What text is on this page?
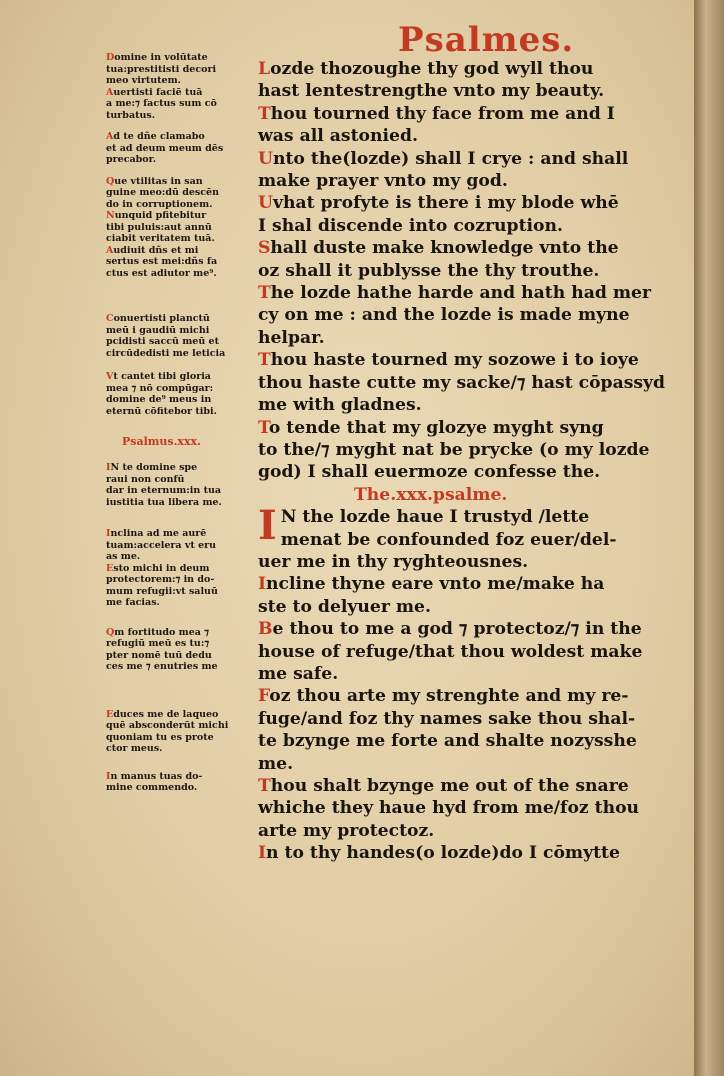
Psalmes.

Domine in volūtate

tua:prestitisti decori

meo virtutem.

Auertisti faciē tuā

a me:⁊ factus sum cō

turbatus.

Ad te dñe clamabo

et ad deum meum dēs

precabor.

Que vtilitas in san

guine meo:dū descēn

do in corruptionem.

Nunquid pfitebitur

tibi puluis:aut annū

ciabit veritatem tuā.

Audiuit dñs et mi

sertus est mei:dñs fa

ctus est adiutor me⁹.

Conuertisti planctū

meū i gaudiū michi

pcidisti saccū meū et

circūdedisti me leticia

Vt cantet tibi gloria

mea ⁊ nō compūgar:

domine de⁹ meus in

eternū cōfitebor tibi.

Psalmus.xxx.

IN te domine spe

raui non confū

dar in eternum:in tua

iustitia tua libera me.

Inclina ad me aurē

tuam:accelera vt eru

as me.

Esto michi in deum

protectorem:⁊ in do-

mum refugii:vt saluū

me facias.

Qm fortitudo mea ⁊

refugiū meū es tu:⁊

pter nomē tuū dedu

ces me ⁊ enutries me

Educes me de laqueo

quē absconderūt michi

quoniam tu es prote

ctor meus.

In manus tuas do-

mine commendo.

Lozde thozoughe thy god wyll thou

hast lentestrengthe vnto my beauty.

Thou tourned thy face from me and I

was all astonied.

Unto the(lozde) shall I crye : and shall

make prayer vnto my god.

Uvhat profyte is there i my blode whē

I shal discende into cozruption.

Shall duste make knowledge vnto the

oz shall it publysse the thy trouthe.

The lozde hathe harde and hath had mer

cy on me : and the lozde is made myne

helpar.

Thou haste tourned my sozowe i to ioye

thou haste cutte my sacke/⁊ hast cōpassyd

me with gladnes.

To tende that my glozye myght syng

to the/⁊ myght nat be prycke (o my lozde

god) I shall euermoze confesse the.

The.xxx.psalme.

I N the lozde haue I trustyd /lette

menat be confounded foz euer/del-

uer me in thy ryghteousnes.

Incline thyne eare vnto me/make ha

ste to delyuer me.

Be thou to me a god ⁊ protectoz/⁊ in the

house of refuge/that thou woldest make

me safe.

Foz thou arte my strenghte and my re-

fuge/and foz thy names sake thou shal-

te bzynge me forte and shalte nozysshe

me.

Thou shalt bzynge me out of the snare

whiche they haue hyd from me/foz thou

arte my protectoz.

In to thy handes(o lozde)do I cōmytte
